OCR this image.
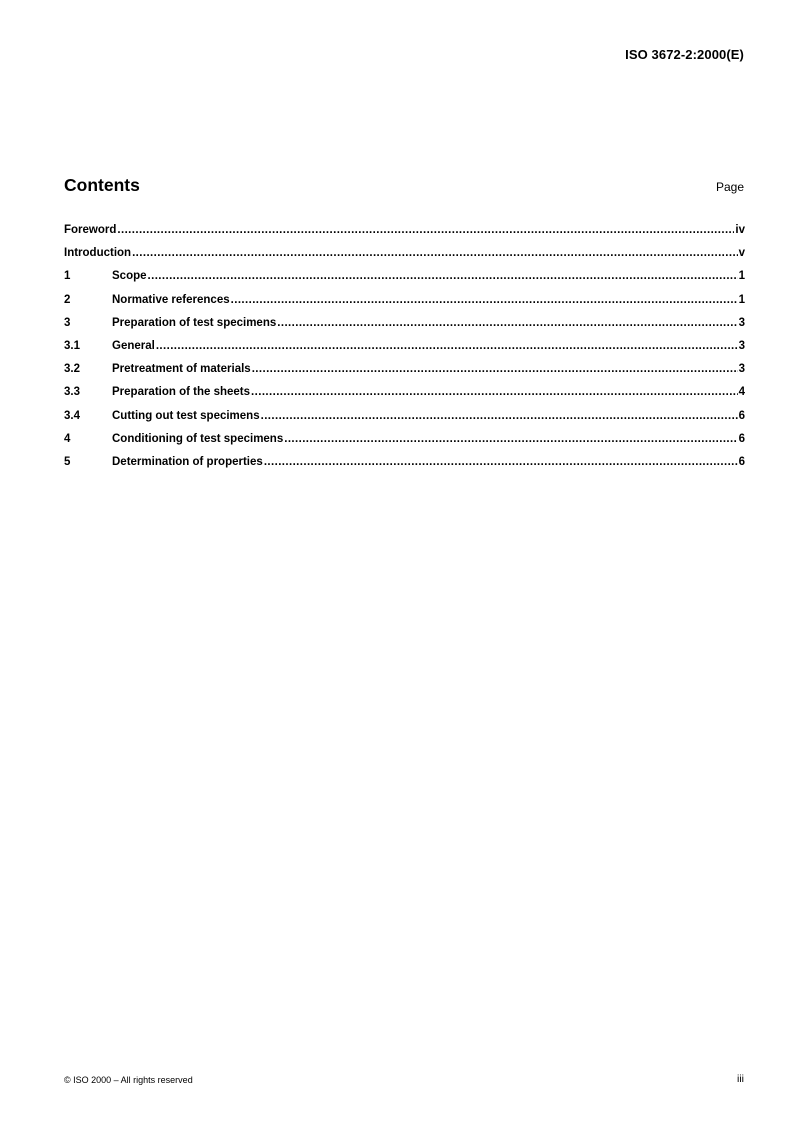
ISO 3672-2:2000(E)
Contents	Page
Foreword .....	iv
Introduction .....	v
1	Scope .....	1
2	Normative references .....	1
3	Preparation of test specimens .....	3
3.1	General .....	3
3.2	Pretreatment of materials .....	3
3.3	Preparation of the sheets .....	4
3.4	Cutting out test specimens .....	6
4	Conditioning of test specimens .....	6
5	Determination of properties .....	6
© ISO 2000 – All rights reserved	iii
